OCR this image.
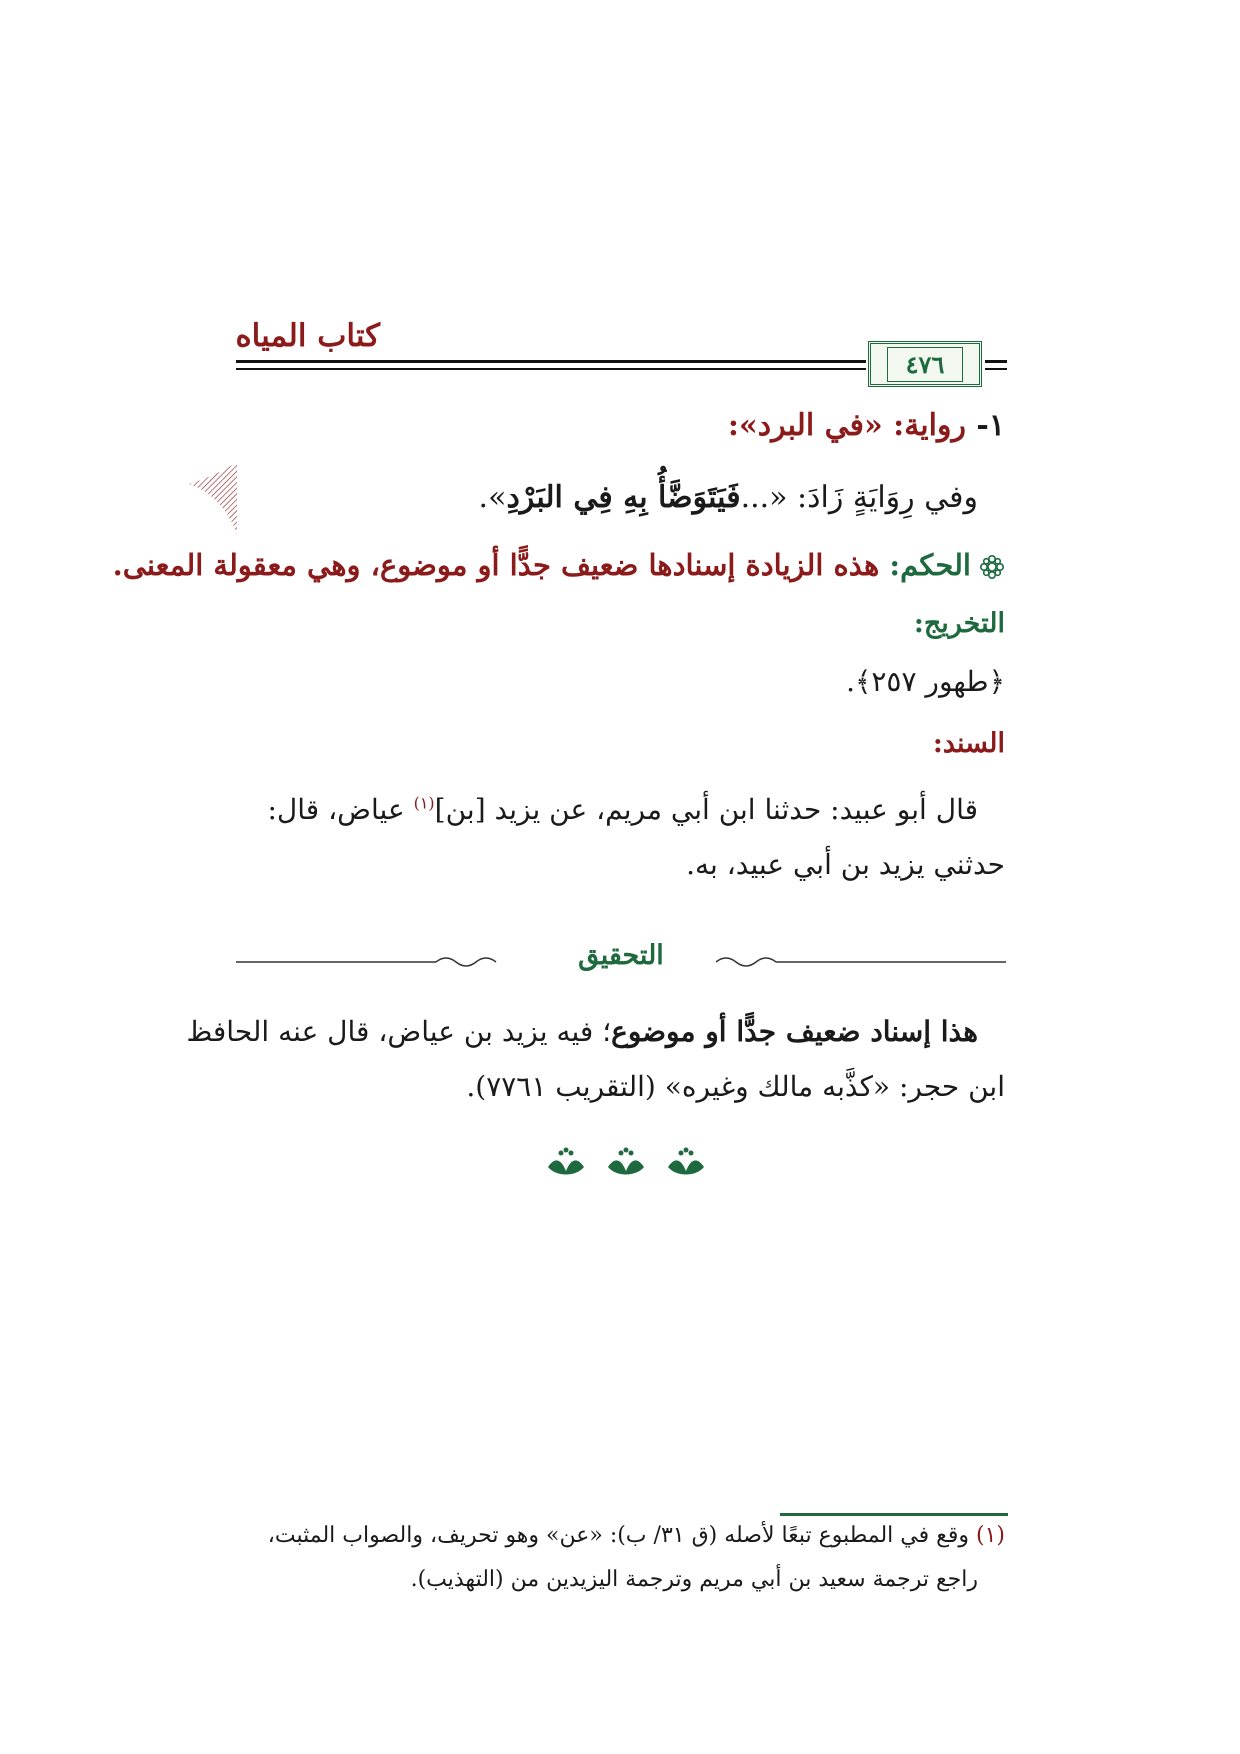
كتاب المياه
٤٧٦
١- رواية: «في البرد»:
وفي رِوَايَةٍ زَادَ: «...فَيَتَوَضَّأُ بِهِ فِي البَرْدِ».
الحكم: هذه الزيادة إسنادها ضعيف جدًّا أو موضوع، وهي معقولة المعنى.
التخريج:
﴿طهور ٢٥٧﴾.
السند:
قال أبو عبيد: حدثنا ابن أبي مريم، عن يزيد [بن]$^{(١)}$ عياض، قال:
حدثني يزيد بن أبي عبيد، به.
التحقيق
هذا إسناد ضعيف جدًّا أو موضوع؛ فيه يزيد بن عياض، قال عنه الحافظ
ابن حجر: «كذَّبه مالك وغيره» (التقريب ٧٧٦١).
(١) وقع في المطبوع تبعًا لأصله (ق ٣١/ ب): «عن» وهو تحريف، والصواب المثبت،
راجع ترجمة سعيد بن أبي مريم وترجمة اليزيدين من (التهذيب).
